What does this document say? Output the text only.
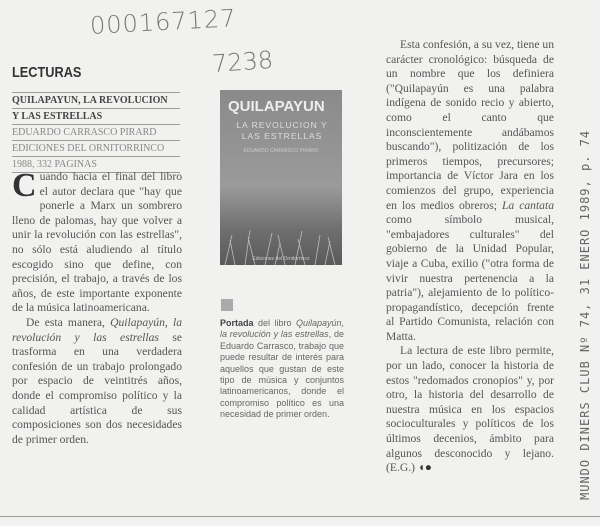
000167127
7238
MUNDO DINERS CLUB Nº 74, 31 ENERO 1989, p. 74
LECTURAS
QUILAPAYUN, LA REVOLUCION
Y LAS ESTRELLAS
EDUARDO CARRASCO PIRARD
EDICIONES DEL ORNITORRINCO
1988, 332 PAGINAS

Cuando hacia el final del libro el autor declara que "hay que ponerle a Marx un sombrero lleno de palomas, hay que volver a unir la revolución con las estrellas", no sólo está aludiendo al título escogido sino que define, con precisión, el trabajo, a través de los años, de este importante exponente de la música latinoamericana.

De esta manera, Quilapayún, la revolución y las estrellas se trasforma en una verdadera confesión de un trabajo prolongado por espacio de veintitrés años, donde el compromiso político y la calidad artística de sus composiciones son dos necesidades de primer orden.

QUILAPAYUN
LA REVOLUCION Y LAS ESTRELLAS
EDUARDO CARRASCO PIRARD
Ediciones del Ornitorrinco
Portada del libro Quilapayún, la revolución y las estrellas, de Eduardo Carrasco, trabajo que puede resultar de interés para aquellos que gustan de este tipo de música y conjuntos latinoamericanos, donde el compromiso político es una necesidad de primer orden.

Esta confesión, a su vez, tiene un carácter cronológico: búsqueda de un nombre que los definiera ("Quilapayún es una palabra indígena de sonido recio y abierto, como el canto que inconscientemente andábamos buscando"), politización de los primeros tiempos, precursores; importancia de Víctor Jara en los comienzos del grupo, experiencia en los medios obreros; La cantata como símbolo musical, "embajadores culturales" del gobierno de la Unidad Popular, viaje a Cuba, exilio ("otra forma de vivir nuestra pertenencia a la patria"), alejamiento de lo político-propagandístico, decepción frente al Partido Comunista, relación con Matta.

La lectura de este libro permite, por un lado, conocer la historia de estos "redomados cronopios" y, por otro, la historia del desarrollo de nuestra música en los espacios socioculturales y políticos de los últimos decenios, ámbito para algunos desconocido y lejano. (E.G.) ◖●
